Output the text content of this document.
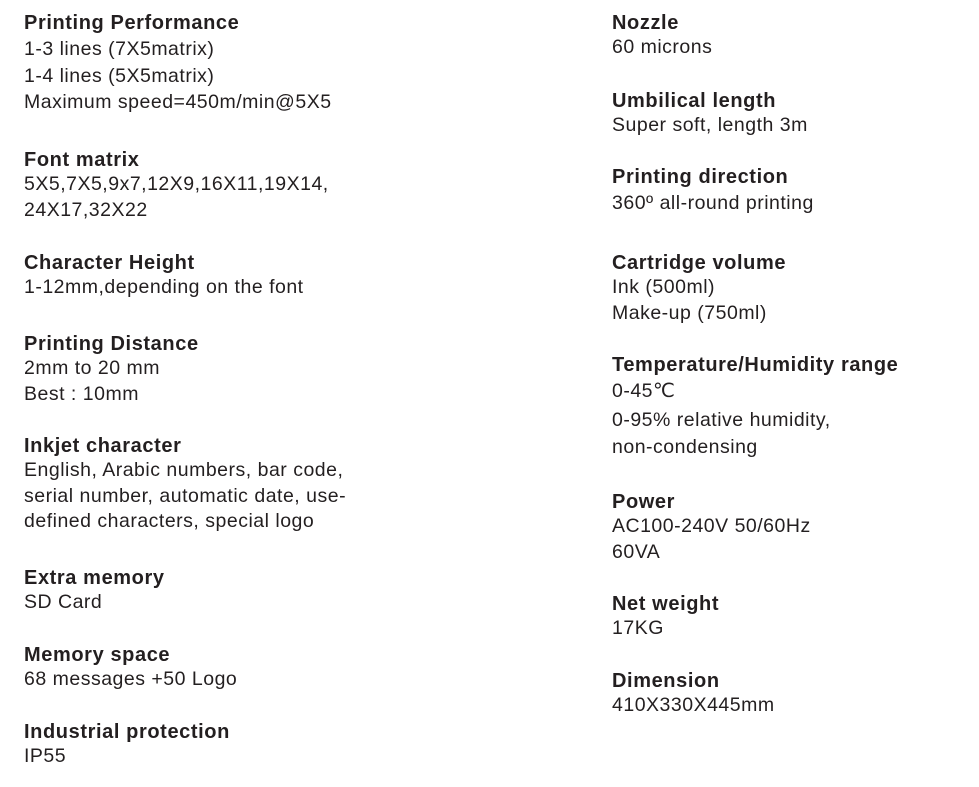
Printing Performance
1-3 lines (7X5matrix)
1-4 lines (5X5matrix)
Maximum speed=450m/min@5X5
Font matrix
5X5,7X5,9x7,12X9,16X11,19X14,
24X17,32X22
Character Height
1-12mm,depending on the font
Printing Distance
2mm to 20 mm
Best : 10mm
Inkjet character
English, Arabic numbers, bar code,
serial number, automatic date, use-
defined characters, special logo
Extra memory
SD Card
Memory space
68 messages +50 Logo
Industrial protection
IP55
Nozzle
60 microns
Umbilical length
Super soft, length 3m
Printing direction
360º all-round printing
Cartridge volume
Ink (500ml)
Make-up (750ml)
Temperature/Humidity range
0-45℃
0-95% relative humidity,
non-condensing
Power
AC100-240V 50/60Hz
60VA
Net weight
17KG
Dimension
410X330X445mm
